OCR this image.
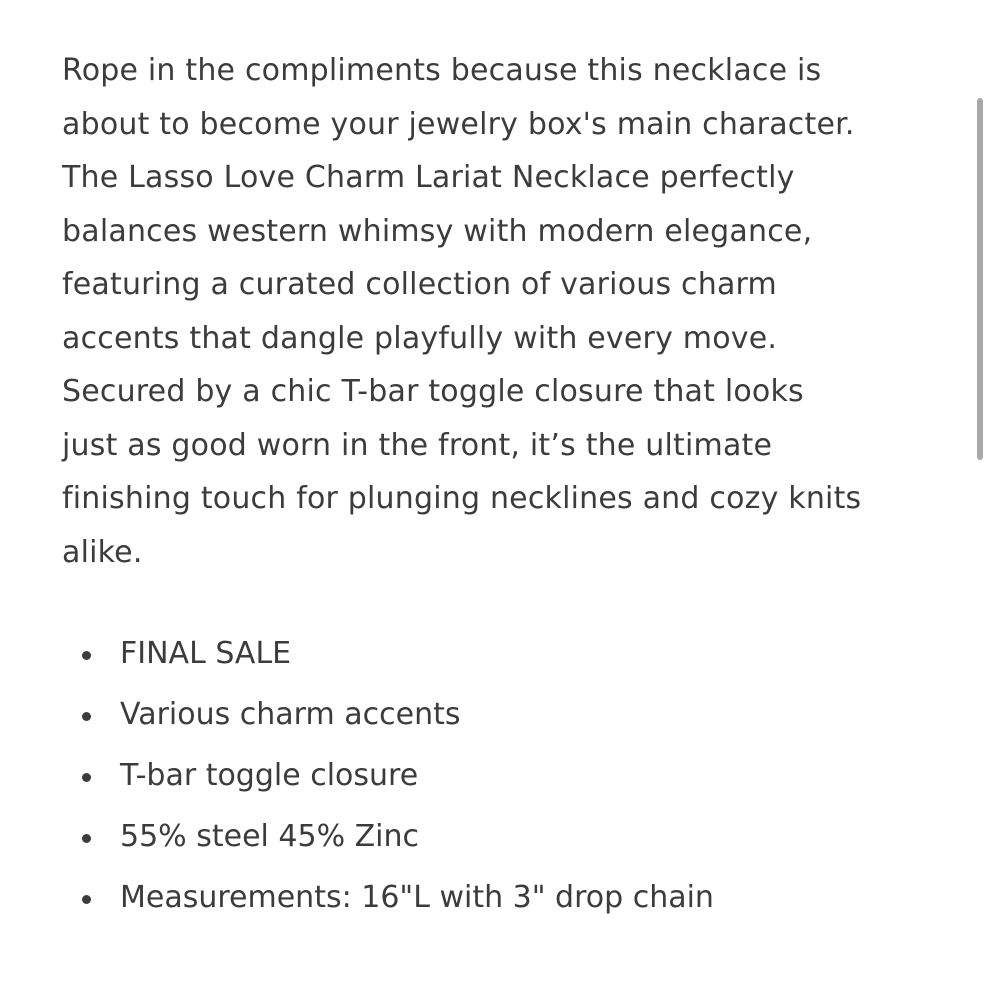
Rope in the compliments because this necklace is about to become your jewelry box's main character. The Lasso Love Charm Lariat Necklace perfectly balances western whimsy with modern elegance, featuring a curated collection of various charm accents that dangle playfully with every move. Secured by a chic T-bar toggle closure that looks just as good worn in the front, it’s the ultimate finishing touch for plunging necklines and cozy knits alike.

FINAL SALE
Various charm accents
T-bar toggle closure
55% steel 45% Zinc
Measurements: 16"L with 3" drop chain
